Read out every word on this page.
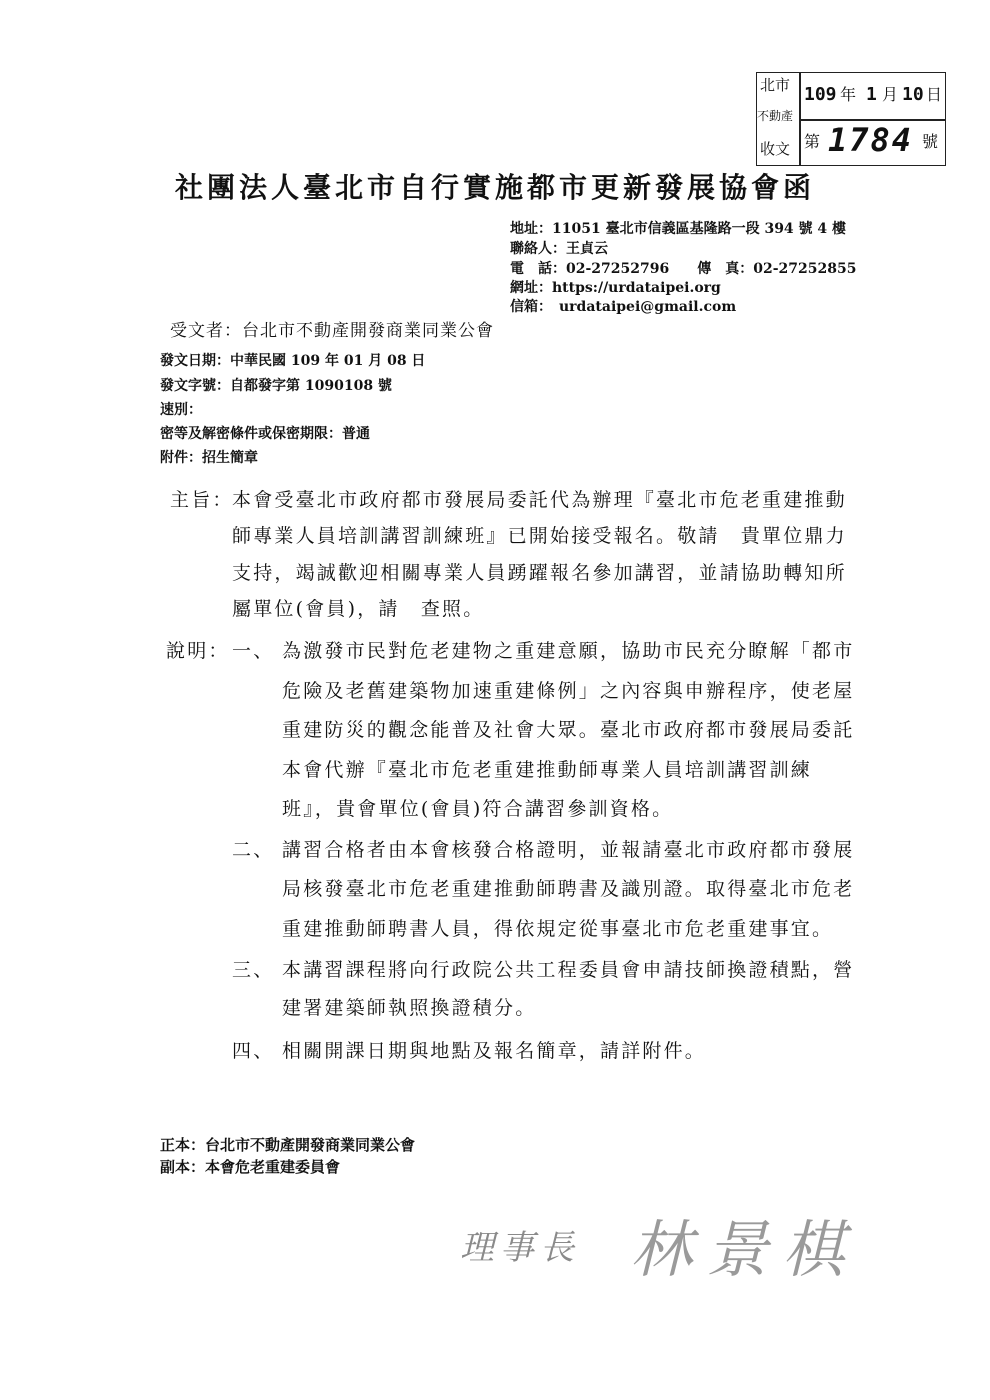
北市
不動產
收文
109 年 1 月 10 日
第 1784 號
社團法人臺北市自行實施都市更新發展協會函
地址：11051 臺北市信義區基隆路一段 394 號 4 樓
聯絡人：王貞云
電　話：02-27252796　　傳　真：02-27252855
網址：https://urdataipei.org
信箱：　urdataipei@gmail.com
受文者：台北市不動產開發商業同業公會
發文日期：中華民國 109 年 01 月 08 日
發文字號：自都發字第 1090108 號
速別：
密等及解密條件或保密期限：普通
附件：招生簡章
主旨：
本會受臺北市政府都市發展局委託代為辦理『臺北市危老重建推動
師專業人員培訓講習訓練班』已開始接受報名。敬請　貴單位鼎力
支持，竭誠歡迎相關專業人員踴躍報名參加講習，並請協助轉知所
屬單位(會員)，請　查照。
說明： 一、 為激發市民對危老建物之重建意願，協助市民充分瞭解「都市
危險及老舊建築物加速重建條例」之內容與申辦程序，使老屋
重建防災的觀念能普及社會大眾。臺北市政府都市發展局委託
本會代辦『臺北市危老重建推動師專業人員培訓講習訓練
班』，貴會單位(會員)符合講習參訓資格。
二、 講習合格者由本會核發合格證明，並報請臺北市政府都市發展
局核發臺北市危老重建推動師聘書及識別證。取得臺北市危老
重建推動師聘書人員，得依規定從事臺北市危老重建事宜。
三、 本講習課程將向行政院公共工程委員會申請技師換證積點，營
建署建築師執照換證積分。
四、 相關開課日期與地點及報名簡章，請詳附件。
正本：台北市不動產開發商業同業公會
副本：本會危老重建委員會
理事長 林景棋
